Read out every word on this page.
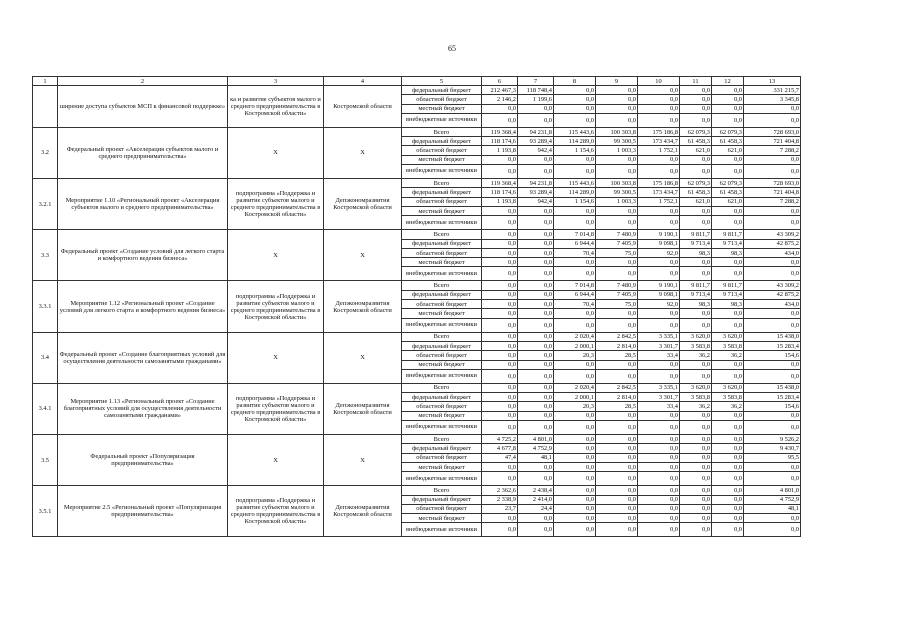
65
1	2	3	4	5	6	7	8	9	10	11	12	13
	ширение доступа субъектов МСП к финансовой поддержке»	ка и развитие субъектов малого и среднего предпринимательства в Костромской области»	Костромской области	федеральный бюджет	212 467,3	118 748,4	0,0	0,0	0,0	0,0	0,0	331 215,7
				областной бюджет	2 146,2	1 199,6	0,0	0,0	0,0	0,0	0,0	3 345,8
				местный бюджет	0,0	0,0	0,0	0,0	0,0	0,0	0,0	0,0
				внебюджетные источники	0,0	0,0	0,0	0,0	0,0	0,0	0,0	0,0
3.2	Федеральный проект «Акселерация субъектов малого и среднего предпринимательства»	Х	Х	Всего	119 368,4	94 231,8	115 443,6	100 303,8	175 186,8	62 079,3	62 079,3	728 693,0
				федеральный бюджет	118 174,6	93 289,4	114 289,0	99 300,5	173 434,7	61 458,3	61 458,3	721 404,8
				областной бюджет	1 193,8	942,4	1 154,6	1 003,3	1 752,1	621,0	621,0	7 288,2
				местный бюджет	0,0	0,0	0,0	0,0	0,0	0,0	0,0	0,0
				внебюджетные источники	0,0	0,0	0,0	0,0	0,0	0,0	0,0	0,0
3.2.1	Мероприятие 1.10 «Региональный проект «Акселерация субъектов малого и среднего предпринимательства»	подпрограмма «Поддержка и развитие субъектов малого и среднего предпринимательства в Костромской области»	Депэкономразвития Костромской области	Всего	119 368,4	94 231,8	115 443,6	100 303,8	175 186,8	62 079,3	62 079,3	728 693,0
				федеральный бюджет	118 174,6	93 289,4	114 289,0	99 300,5	173 434,7	61 458,3	61 458,3	721 404,8
				областной бюджет	1 193,8	942,4	1 154,6	1 003,3	1 752,1	621,0	621,0	7 288,2
				местный бюджет	0,0	0,0	0,0	0,0	0,0	0,0	0,0	0,0
				внебюджетные источники	0,0	0,0	0,0	0,0	0,0	0,0	0,0	0,0
3.3	Федеральный проект «Создание условий для легкого старта и комфортного ведения бизнеса»	Х	Х	Всего	0,0	0,0	7 014,8	7 480,9	9 190,1	9 811,7	9 811,7	43 309,2
				федеральный бюджет	0,0	0,0	6 944,4	7 405,9	9 098,1	9 713,4	9 713,4	42 875,2
				областной бюджет	0,0	0,0	70,4	75,0	92,0	98,3	98,3	434,0
				местный бюджет	0,0	0,0	0,0	0,0	0,0	0,0	0,0	0,0
				внебюджетные источники	0,0	0,0	0,0	0,0	0,0	0,0	0,0	0,0
3.3.1	Мероприятие 1.12 «Региональный проект «Создание условий для легкого старта и комфортного ведения бизнеса»	подпрограмма «Поддержка и развитие субъектов малого и среднего предпринимательства в Костромской области»	Депэкономразвития Костромской области	Всего	0,0	0,0	7 014,8	7 480,9	9 190,1	9 811,7	9 811,7	43 309,2
				федеральный бюджет	0,0	0,0	6 944,4	7 405,9	9 098,1	9 713,4	9 713,4	42 875,2
				областной бюджет	0,0	0,0	70,4	75,0	92,0	98,3	98,3	434,0
				местный бюджет	0,0	0,0	0,0	0,0	0,0	0,0	0,0	0,0
				внебюджетные источники	0,0	0,0	0,0	0,0	0,0	0,0	0,0	0,0
3.4	Федеральный проект «Создание благоприятных условий для осуществления деятельности самозанятыми гражданами»	Х	Х	Всего	0,0	0,0	2 020,4	2 842,5	3 335,1	3 620,0	3 620,0	15 438,0
				федеральный бюджет	0,0	0,0	2 000,1	2 814,0	3 301,7	3 583,8	3 583,8	15 283,4
				областной бюджет	0,0	0,0	20,3	28,5	33,4	36,2	36,2	154,6
				местный бюджет	0,0	0,0	0,0	0,0	0,0	0,0	0,0	0,0
				внебюджетные источники	0,0	0,0	0,0	0,0	0,0	0,0	0,0	0,0
3.4.1	Мероприятие 1.13 «Региональный проект «Создание благоприятных условий для осуществления деятельности самозанятыми гражданами»	подпрограмма «Поддержка и развитие субъектов малого и среднего предпринимательства в Костромской области»	Депэкономразвития Костромской области	Всего	0,0	0,0	2 020,4	2 842,5	3 335,1	3 620,0	3 620,0	15 438,0
				федеральный бюджет	0,0	0,0	2 000,1	2 814,0	3 301,7	3 583,8	3 583,8	15 283,4
				областной бюджет	0,0	0,0	20,3	28,5	33,4	36,2	36,2	154,6
				местный бюджет	0,0	0,0	0,0	0,0	0,0	0,0	0,0	0,0
				внебюджетные источники	0,0	0,0	0,0	0,0	0,0	0,0	0,0	0,0
3.5	Федеральный проект «Популяризация предпринимательства»	Х	Х	Всего	4 725,2	4 801,0	0,0	0,0	0,0	0,0	0,0	9 526,2
				федеральный бюджет	4 677,8	4 752,9	0,0	0,0	0,0	0,0	0,0	9 430,7
				областной бюджет	47,4	48,1	0,0	0,0	0,0	0,0	0,0	95,5
				местный бюджет	0,0	0,0	0,0	0,0	0,0	0,0	0,0	0,0
				внебюджетные источники	0,0	0,0	0,0	0,0	0,0	0,0	0,0	0,0
3.5.1	Мероприятие 2.5 «Региональный проект «Популяризация предпринимательства»	подпрограмма «Поддержка и развитие субъектов малого и среднего предпринимательства в Костромской области»	Депэкономразвития Костромской области	Всего	2 362,6	2 438,4	0,0	0,0	0,0	0,0	0,0	4 801,0
				федеральный бюджет	2 338,9	2 414,0	0,0	0,0	0,0	0,0	0,0	4 752,9
				областной бюджет	23,7	24,4	0,0	0,0	0,0	0,0	0,0	48,1
				местный бюджет	0,0	0,0	0,0	0,0	0,0	0,0	0,0	0,0
				внебюджетные источники	0,0	0,0	0,0	0,0	0,0	0,0	0,0	0,0
